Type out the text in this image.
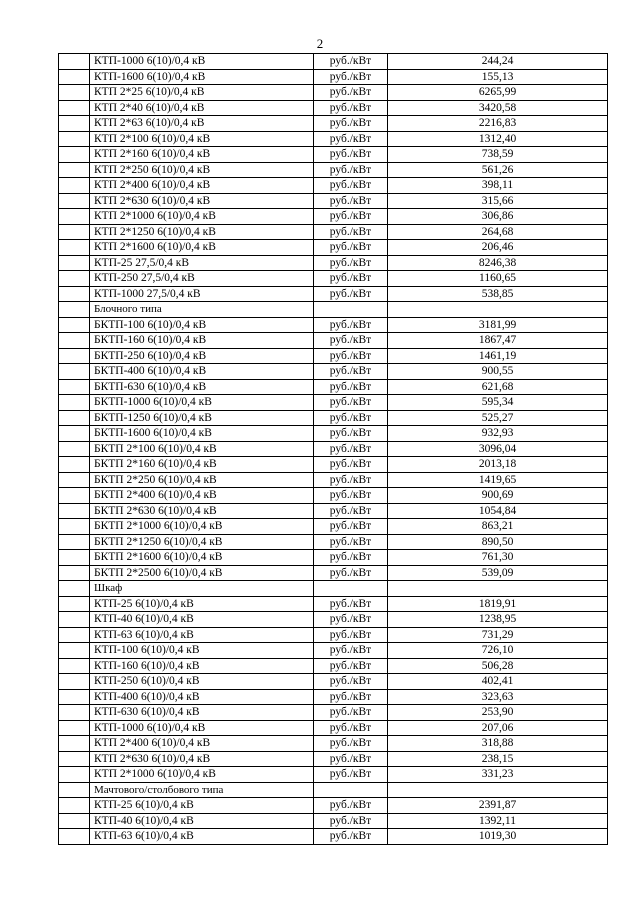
2
	КТП-1000 6(10)/0,4 кВ	руб./кВт	244,24
	КТП-1600 6(10)/0,4 кВ	руб./кВт	155,13
	КТП 2*25 6(10)/0,4 кВ	руб./кВт	6265,99
	КТП 2*40 6(10)/0,4 кВ	руб./кВт	3420,58
	КТП 2*63 6(10)/0,4 кВ	руб./кВт	2216,83
	КТП 2*100 6(10)/0,4 кВ	руб./кВт	1312,40
	КТП 2*160 6(10)/0,4 кВ	руб./кВт	738,59
	КТП 2*250 6(10)/0,4 кВ	руб./кВт	561,26
	КТП 2*400 6(10)/0,4 кВ	руб./кВт	398,11
	КТП 2*630 6(10)/0,4 кВ	руб./кВт	315,66
	КТП 2*1000 6(10)/0,4 кВ	руб./кВт	306,86
	КТП 2*1250 6(10)/0,4 кВ	руб./кВт	264,68
	КТП 2*1600 6(10)/0,4 кВ	руб./кВт	206,46
	КТП-25 27,5/0,4 кВ	руб./кВт	8246,38
	КТП-250 27,5/0,4 кВ	руб./кВт	1160,65
	КТП-1000 27,5/0,4 кВ	руб./кВт	538,85
	Блочного типа		
	БКТП-100 6(10)/0,4 кВ	руб./кВт	3181,99
	БКТП-160 6(10)/0,4 кВ	руб./кВт	1867,47
	БКТП-250 6(10)/0,4 кВ	руб./кВт	1461,19
	БКТП-400 6(10)/0,4 кВ	руб./кВт	900,55
	БКТП-630 6(10)/0,4 кВ	руб./кВт	621,68
	БКТП-1000 6(10)/0,4 кВ	руб./кВт	595,34
	БКТП-1250 6(10)/0,4 кВ	руб./кВт	525,27
	БКТП-1600 6(10)/0,4 кВ	руб./кВт	932,93
	БКТП 2*100 6(10)/0,4 кВ	руб./кВт	3096,04
	БКТП 2*160 6(10)/0,4 кВ	руб./кВт	2013,18
	БКТП 2*250 6(10)/0,4 кВ	руб./кВт	1419,65
	БКТП 2*400 6(10)/0,4 кВ	руб./кВт	900,69
	БКТП 2*630 6(10)/0,4 кВ	руб./кВт	1054,84
	БКТП 2*1000 6(10)/0,4 кВ	руб./кВт	863,21
	БКТП 2*1250 6(10)/0,4 кВ	руб./кВт	890,50
	БКТП 2*1600 6(10)/0,4 кВ	руб./кВт	761,30
	БКТП 2*2500 6(10)/0,4 кВ	руб./кВт	539,09
	Шкаф		
	КТП-25 6(10)/0,4 кВ	руб./кВт	1819,91
	КТП-40 6(10)/0,4 кВ	руб./кВт	1238,95
	КТП-63 6(10)/0,4 кВ	руб./кВт	731,29
	КТП-100 6(10)/0,4 кВ	руб./кВт	726,10
	КТП-160 6(10)/0,4 кВ	руб./кВт	506,28
	КТП-250 6(10)/0,4 кВ	руб./кВт	402,41
	КТП-400 6(10)/0,4 кВ	руб./кВт	323,63
	КТП-630 6(10)/0,4 кВ	руб./кВт	253,90
	КТП-1000 6(10)/0,4 кВ	руб./кВт	207,06
	КТП 2*400 6(10)/0,4 кВ	руб./кВт	318,88
	КТП 2*630 6(10)/0,4 кВ	руб./кВт	238,15
	КТП 2*1000 6(10)/0,4 кВ	руб./кВт	331,23
	Мачтового/столбового типа		
	КТП-25 6(10)/0,4 кВ	руб./кВт	2391,87
	КТП-40 6(10)/0,4 кВ	руб./кВт	1392,11
	КТП-63 6(10)/0,4 кВ	руб./кВт	1019,30
